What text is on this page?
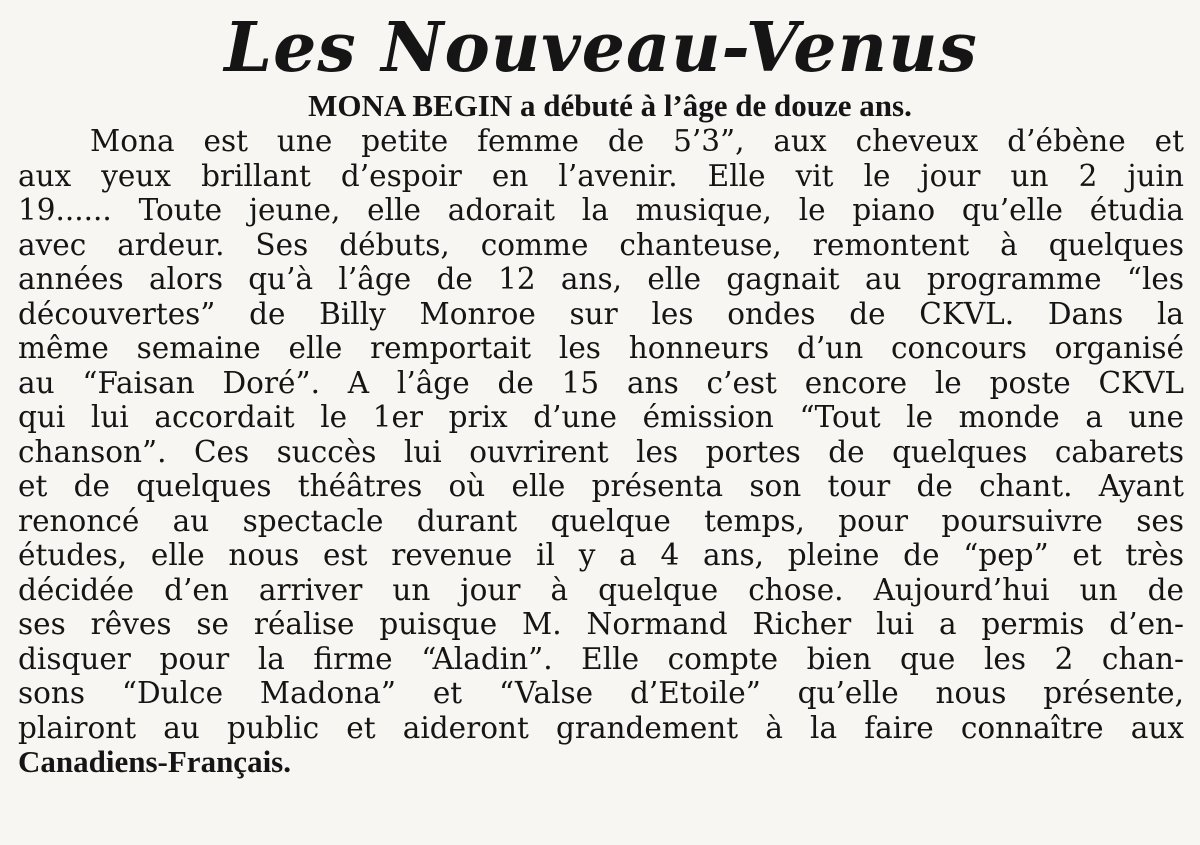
Les Nouveau-Venus
MONA BEGIN a débuté à l’âge de douze ans.
Mona est une petite femme de 5’3”, aux cheveux d’ébène et
aux yeux brillant d’espoir en l’avenir. Elle vit le jour un 2 juin
19...... Toute jeune, elle adorait la musique, le piano qu’elle étudia
avec ardeur. Ses débuts, comme chanteuse, remontent à quelques
années alors qu’à l’âge de 12 ans, elle gagnait au programme “les
découvertes” de Billy Monroe sur les ondes de CKVL. Dans la
même semaine elle remportait les honneurs d’un concours organisé
au “Faisan Doré”. A l’âge de 15 ans c’est encore le poste CKVL
qui lui accordait le 1er prix d’une émission “Tout le monde a une
chanson”. Ces succès lui ouvrirent les portes de quelques cabarets
et de quelques théâtres où elle présenta son tour de chant. Ayant
renoncé au spectacle durant quelque temps, pour poursuivre ses
études, elle nous est revenue il y a 4 ans, pleine de “pep” et très
décidée d’en arriver un jour à quelque chose. Aujourd’hui un de
ses rêves se réalise puisque M. Normand Richer lui a permis d’en-
disquer pour la firme “Aladin”. Elle compte bien que les 2 chan-
sons “Dulce Madona” et “Valse d’Etoile” qu’elle nous présente,
plairont au public et aideront grandement à la faire connaître aux
Canadiens-Français.
